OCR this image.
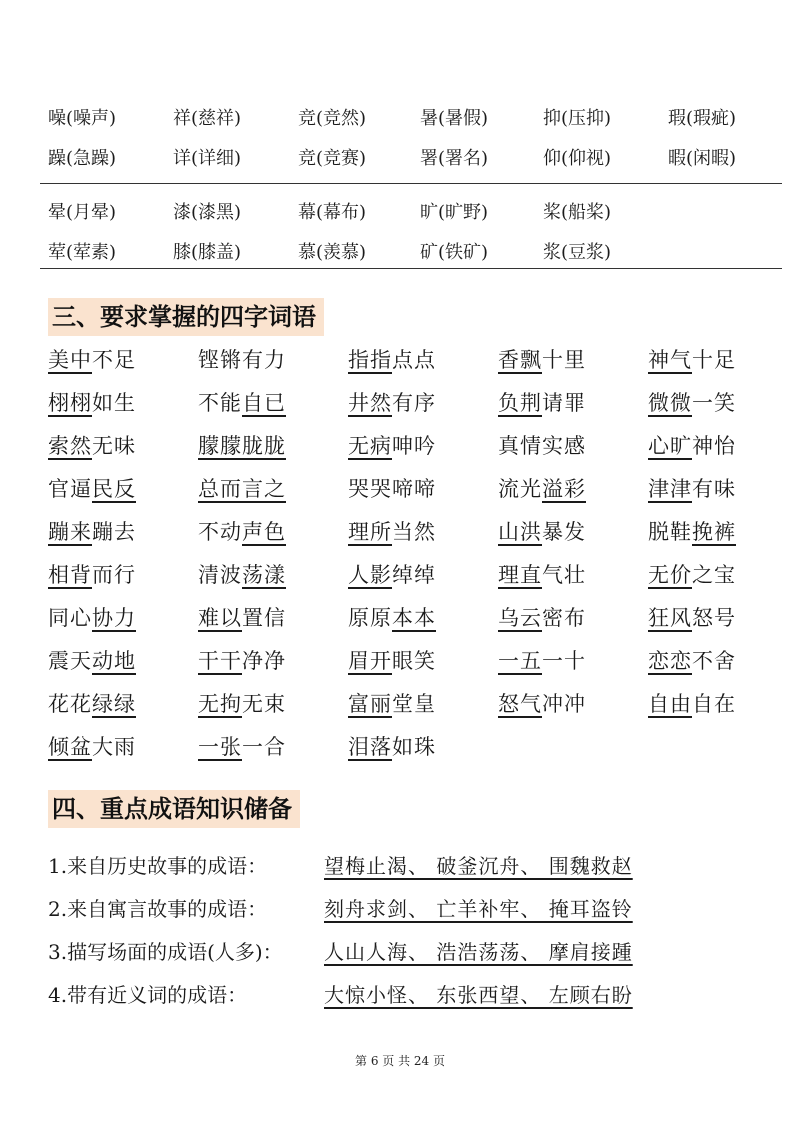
噪(噪声)	祥(慈祥)	竞(竞然)	暑(暑假)	抑(压抑)	瑕(瑕疵)
躁(急躁)	详(详细)	竞(竞赛)	署(署名)	仰(仰视)	暇(闲暇)
晕(月晕)	漆(漆黑)	幕(幕布)	旷(旷野)	桨(船桨)
荤(荤素)	膝(膝盖)	慕(羡慕)	矿(铁矿)	浆(豆浆)
三、要求掌握的四字词语
美中不足	铿锵有力	指指点点	香飘十里	神气十足
栩栩如生	不能自已	井然有序	负荆请罪	微微一笑
索然无味	朦朦胧胧	无病呻吟	真情实感	心旷神怡
官逼民反	总而言之	哭哭啼啼	流光溢彩	津津有味
蹦来蹦去	不动声色	理所当然	山洪暴发	脱鞋挽裤
相背而行	清波荡漾	人影绰绰	理直气壮	无价之宝
同心协力	难以置信	原原本本	乌云密布	狂风怒号
震天动地	干干净净	眉开眼笑	一五一十	恋恋不舍
花花绿绿	无拘无束	富丽堂皇	怒气冲冲	自由自在
倾盆大雨	一张一合	泪落如珠
四、重点成语知识储备
1.来自历史故事的成语：	望梅止渴、 破釜沉舟、 围魏救赵
2.来自寓言故事的成语：	刻舟求剑、 亡羊补牢、 掩耳盗铃
3.描写场面的成语(人多)： 人山人海、 浩浩荡荡、 摩肩接踵
4.带有近义词的成语：	大惊小怪、 东张西望、 左顾右盼
第 6 页 共 24 页
